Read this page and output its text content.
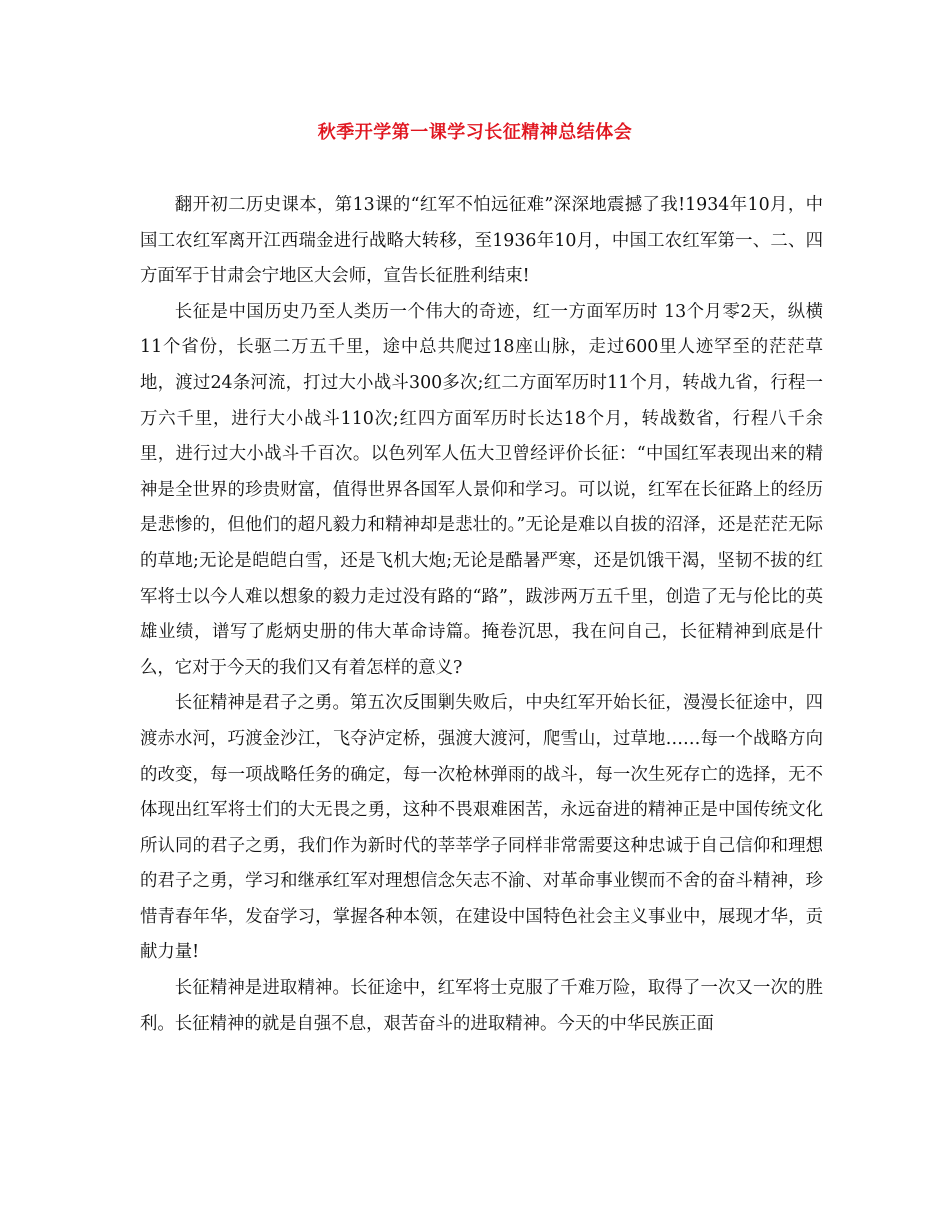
秋季开学第一课学习长征精神总结体会

翻开初二历史课本，第13课的“红军不怕远征难”深深地震撼了我!1934年10月，中国工农红军离开江西瑞金进行战略大转移，至1936年10月，中国工农红军第一、二、四方面军于甘肃会宁地区大会师，宣告长征胜利结束!

长征是中国历史乃至人类历一个伟大的奇迹，红一方面军历时 13个月零2天，纵横11个省份，长驱二万五千里，途中总共爬过18座山脉，走过600里人迹罕至的茫茫草地，渡过24条河流，打过大小战斗300多次;红二方面军历时11个月，转战九省，行程一万六千里，进行大小战斗110次;红四方面军历时长达18个月，转战数省，行程八千余里，进行过大小战斗千百次。以色列军人伍大卫曾经评价长征：“中国红军表现出来的精神是全世界的珍贵财富，值得世界各国军人景仰和学习。可以说，红军在长征路上的经历是悲惨的，但他们的超凡毅力和精神却是悲壮的。”无论是难以自拔的沼泽，还是茫茫无际的草地;无论是皑皑白雪，还是飞机大炮;无论是酷暑严寒，还是饥饿干渴，坚韧不拔的红军将士以今人难以想象的毅力走过没有路的“路”，跋涉两万五千里，创造了无与伦比的英雄业绩，谱写了彪炳史册的伟大革命诗篇。掩卷沉思，我在问自己，长征精神到底是什么，它对于今天的我们又有着怎样的意义?

长征精神是君子之勇。第五次反围剿失败后，中央红军开始长征，漫漫长征途中，四渡赤水河，巧渡金沙江，飞夺泸定桥，强渡大渡河，爬雪山，过草地……每一个战略方向的改变，每一项战略任务的确定，每一次枪林弹雨的战斗，每一次生死存亡的选择，无不体现出红军将士们的大无畏之勇，这种不畏艰难困苦，永远奋进的精神正是中国传统文化所认同的君子之勇，我们作为新时代的莘莘学子同样非常需要这种忠诚于自己信仰和理想的君子之勇，学习和继承红军对理想信念矢志不渝、对革命事业锲而不舍的奋斗精神，珍惜青春年华，发奋学习，掌握各种本领，在建设中国特色社会主义事业中，展现才华，贡献力量!

长征精神是进取精神。长征途中，红军将士克服了千难万险，取得了一次又一次的胜利。长征精神的就是自强不息，艰苦奋斗的进取精神。今天的中华民族正面
